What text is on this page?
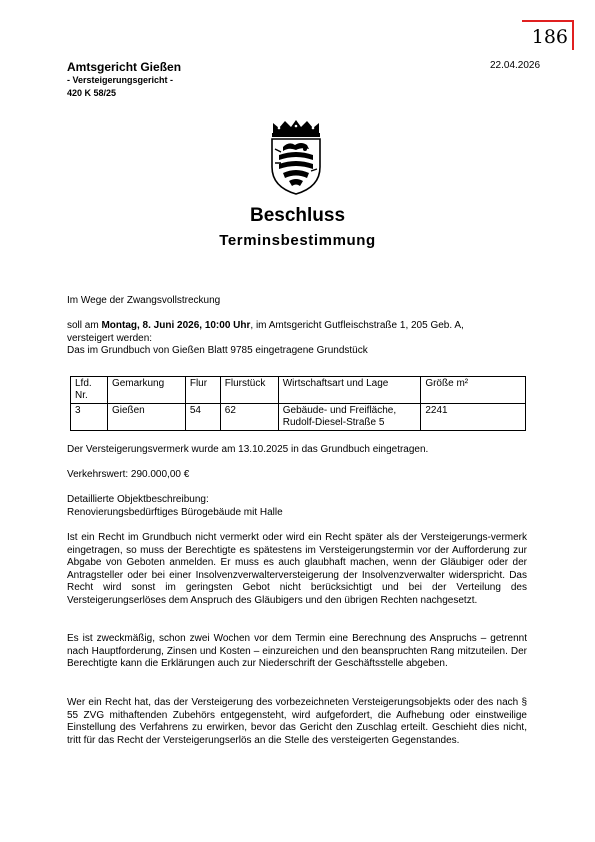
186
Amtsgericht Gießen
- Versteigerungsgericht -
420 K 58/25
22.04.2026
Beschluss
Terminsbestimmung
Im Wege der Zwangsvollstreckung
soll am Montag, 8. Juni 2026, 10:00 Uhr, im Amtsgericht Gutfleischstraße 1, 205 Geb. A,
versteigert werden:
Das im Grundbuch von Gießen Blatt 9785 eingetragene Grundstück
Lfd. Nr.	Gemarkung	Flur	Flurstück	Wirtschaftsart und Lage	Größe m²
3	Gießen	54	62	Gebäude- und Freifläche, Rudolf-Diesel-Straße 5	2241
Der Versteigerungsvermerk wurde am 13.10.2025 in das Grundbuch eingetragen.
Verkehrswert: 290.000,00 €
Detaillierte Objektbeschreibung:
Renovierungsbedürftiges Bürogebäude mit Halle
Ist ein Recht im Grundbuch nicht vermerkt oder wird ein Recht später als der Versteigerungs-vermerk eingetragen, so muss der Berechtigte es spätestens im Versteigerungstermin vor der Aufforderung zur Abgabe von Geboten anmelden. Er muss es auch glaubhaft machen, wenn der Gläubiger oder der Antragsteller oder bei einer Insolvenzverwalterversteigerung der Insolvenzverwalter widerspricht. Das Recht wird sonst im geringsten Gebot nicht berücksichtigt und bei der Verteilung des Versteigerungserlöses dem Anspruch des Gläubigers und den übrigen Rechten nachgesetzt.
Es ist zweckmäßig, schon zwei Wochen vor dem Termin eine Berechnung des Anspruchs – getrennt nach Hauptforderung, Zinsen und Kosten – einzureichen und den beanspruchten Rang mitzuteilen. Der Berechtigte kann die Erklärungen auch zur Niederschrift der Geschäftsstelle abgeben.
Wer ein Recht hat, das der Versteigerung des vorbezeichneten Versteigerungsobjekts oder des nach § 55 ZVG mithaftenden Zubehörs entgegensteht, wird aufgefordert, die Aufhebung oder einstweilige Einstellung des Verfahrens zu erwirken, bevor das Gericht den Zuschlag erteilt. Geschieht dies nicht, tritt für das Recht der Versteigerungserlös an die Stelle des versteigerten Gegenstandes.
